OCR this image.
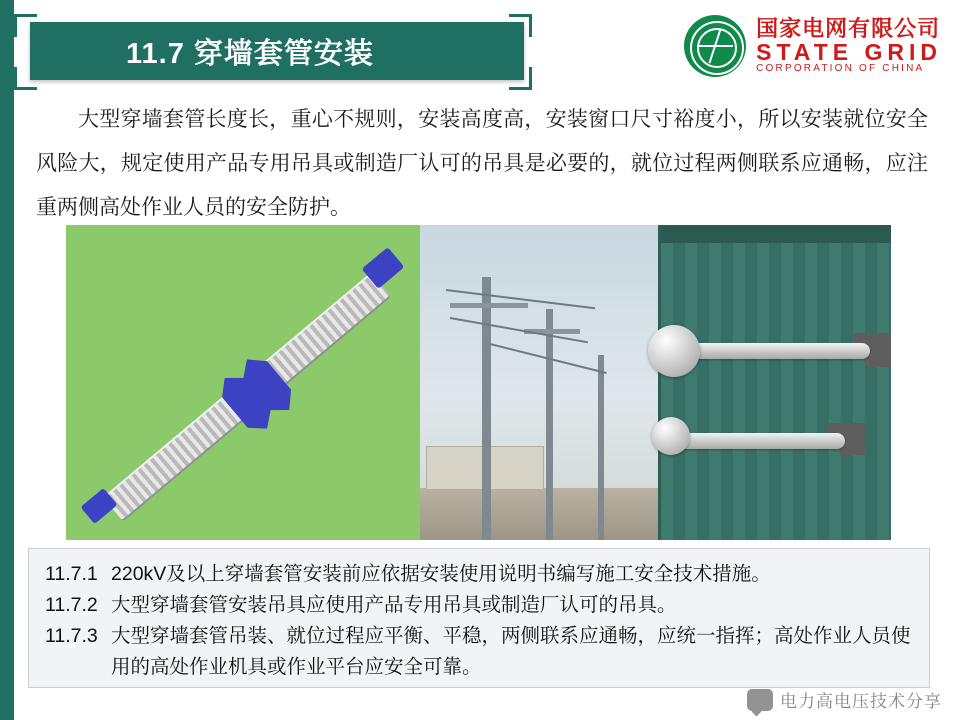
11.7 穿墙套管安装
国家电网有限公司
STATE GRID
CORPORATION OF CHINA
大型穿墙套管长度长，重心不规则，安装高度高，安装窗口尺寸裕度小，所以安装就位安全风险大，规定使用产品专用吊具或制造厂认可的吊具是必要的，就位过程两侧联系应通畅，应注重两侧高处作业人员的安全防护。
11.7.1 220kV及以上穿墙套管安装前应依据安装使用说明书编写施工安全技术措施。
11.7.2 大型穿墙套管安装吊具应使用产品专用吊具或制造厂认可的吊具。
11.7.3 大型穿墙套管吊装、就位过程应平衡、平稳，两侧联系应通畅，应统一指挥；高处作业人员使用的高处作业机具或作业平台应安全可靠。
电力高电压技术分享
